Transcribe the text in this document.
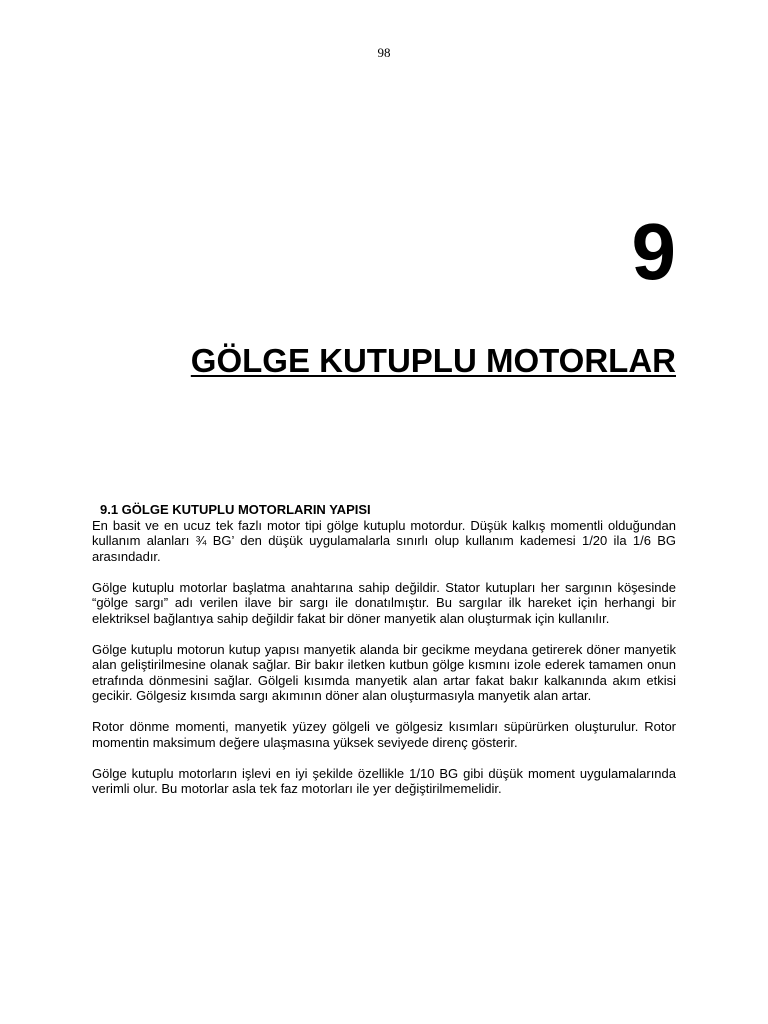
98
9
GÖLGE KUTUPLU MOTORLAR

9.1 GÖLGE KUTUPLU MOTORLARIN YAPISI

En basit ve en ucuz tek fazlı motor tipi gölge kutuplu motordur. Düşük kalkış momentli olduğundan kullanım alanları ¾ BG’ den düşük uygulamalarla sınırlı olup kullanım kademesi 1/20 ila 1/6 BG arasındadır.

Gölge kutuplu motorlar başlatma anahtarına sahip değildir. Stator kutupları her sargının köşesinde “gölge sargı” adı verilen ilave bir sargı ile donatılmıştır. Bu sargılar ilk hareket için herhangi bir elektriksel bağlantıya sahip değildir fakat bir döner manyetik alan oluşturmak için kullanılır.

Gölge kutuplu motorun kutup yapısı manyetik alanda bir gecikme meydana getirerek döner manyetik alan geliştirilmesine olanak sağlar. Bir bakır iletken kutbun gölge kısmını izole ederek tamamen onun etrafında dönmesini sağlar. Gölgeli kısımda manyetik alan artar fakat bakır kalkanında akım etkisi gecikir. Gölgesiz kısımda sargı akımının döner alan oluşturmasıyla manyetik alan artar.

Rotor dönme momenti, manyetik yüzey gölgeli ve gölgesiz kısımları süpürürken oluşturulur. Rotor momentin maksimum değere ulaşmasına yüksek seviyede direnç gösterir.

Gölge kutuplu motorların işlevi en iyi şekilde özellikle 1/10 BG gibi düşük moment uygulamalarında verimli olur. Bu motorlar asla tek faz motorları ile yer değiştirilmemelidir.
